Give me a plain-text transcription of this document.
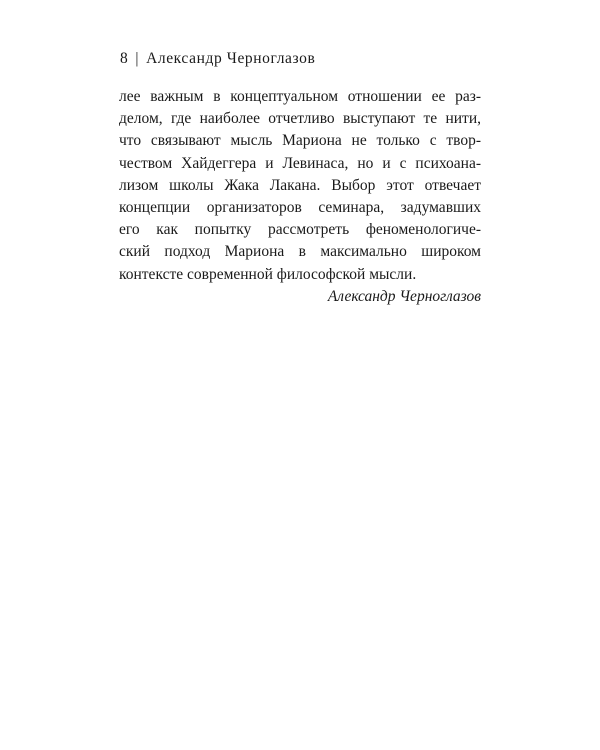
8 | Александр Черноглазов
лее важным в концептуальном отношении ее раз-
делом, где наиболее отчетливо выступают те нити,
что связывают мысль Мариона не только с твор-
чеством Хайдеггера и Левинаса, но и с психоана-
лизом школы Жака Лакана. Выбор этот отвечает
концепции организаторов семинара, задумавших
его как попытку рассмотреть феноменологиче-
ский подход Мариона в максимально широком
контексте современной философской мысли.
Александр Черноглазов
